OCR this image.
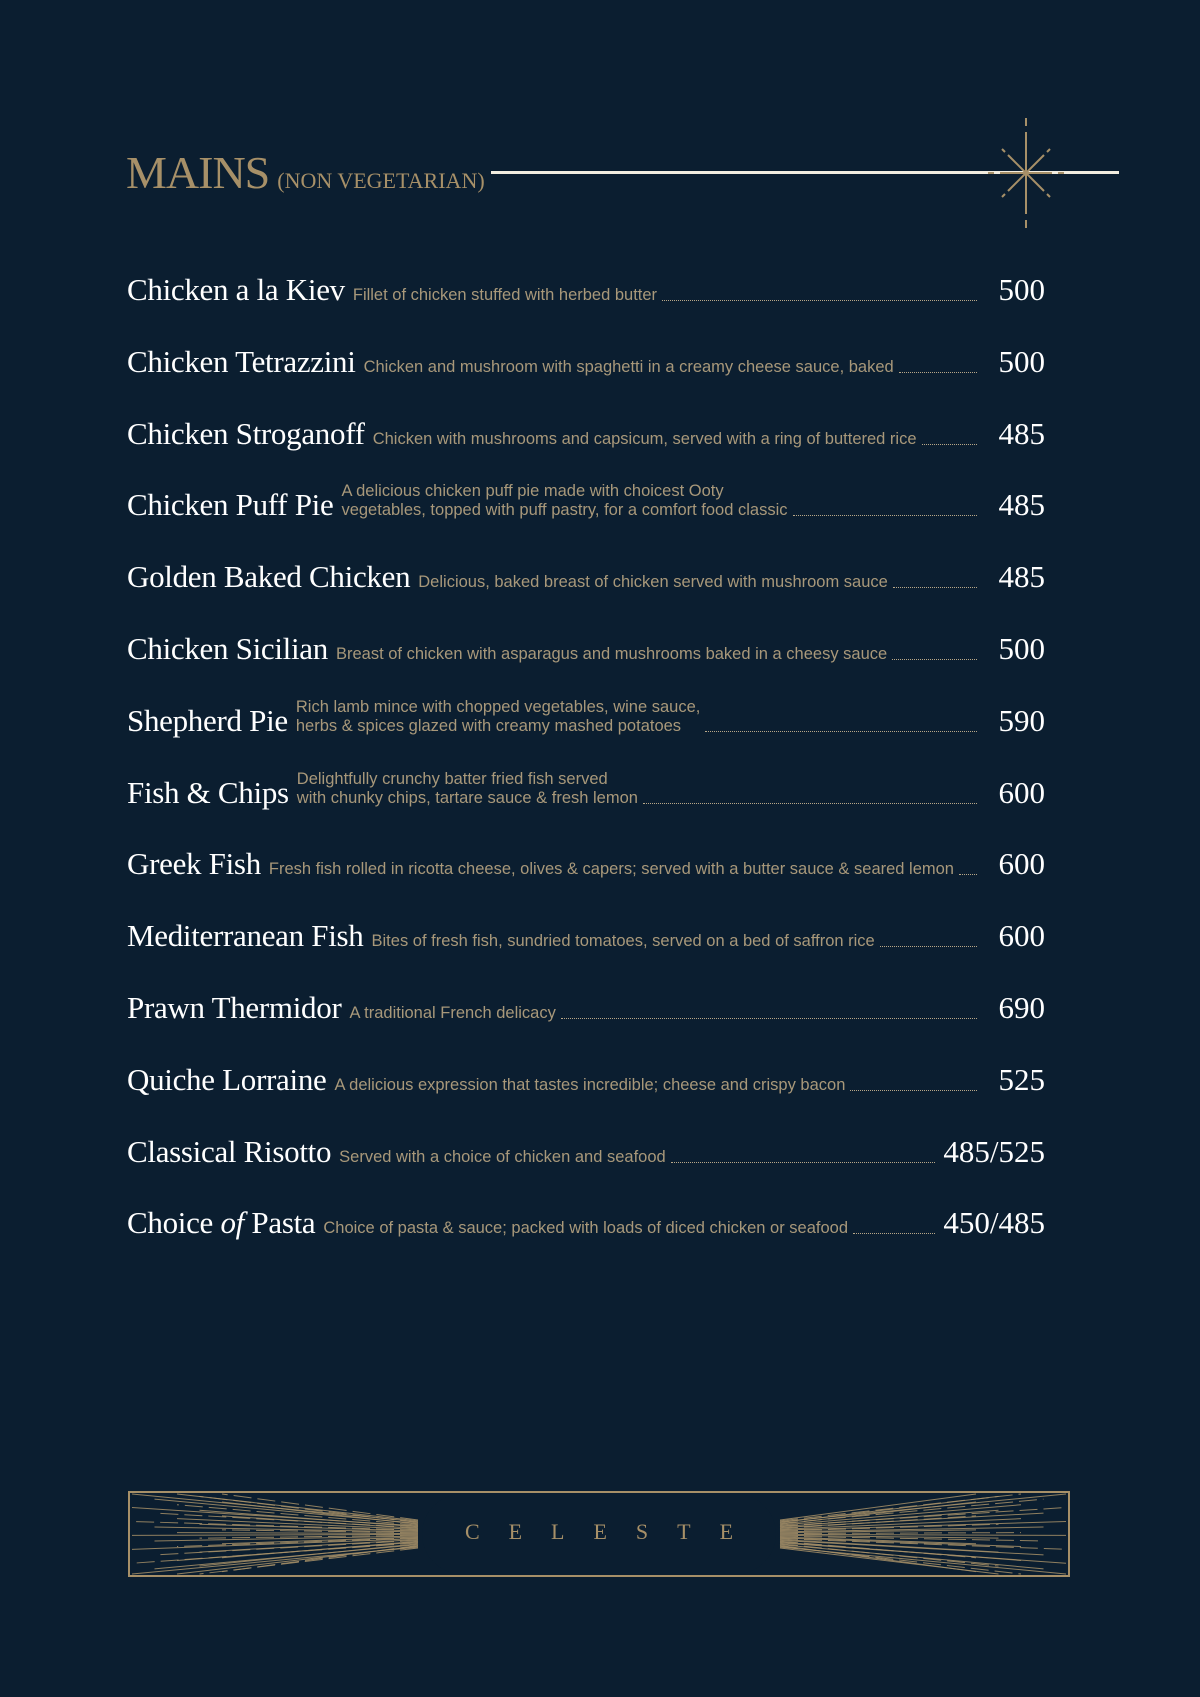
MAINS (NON VEGETARIAN)
Chicken a la Kiev Fillet of chicken stuffed with herbed butter	500
Chicken Tetrazzini Chicken and mushroom with spaghetti in a creamy cheese sauce, baked	500
Chicken Stroganoff Chicken with mushrooms and capsicum, served with a ring of buttered rice	485
Chicken Puff Pie A delicious chicken puff pie made with choicest Ooty
vegetables, topped with puff pastry, for a comfort food classic	485
Golden Baked Chicken Delicious, baked breast of chicken served with mushroom sauce	485
Chicken Sicilian Breast of chicken with asparagus and mushrooms baked in a cheesy sauce	500
Shepherd Pie Rich lamb mince with chopped vegetables, wine sauce,
herbs & spices glazed with creamy mashed potatoes	590
Fish & Chips Delightfully crunchy batter fried fish served
with chunky chips, tartare sauce & fresh lemon	600
Greek Fish Fresh fish rolled in ricotta cheese, olives & capers; served with a butter sauce & seared lemon	600
Mediterranean Fish Bites of fresh fish, sundried tomatoes, served on a bed of saffron rice	600
Prawn Thermidor A traditional French delicacy	690
Quiche Lorraine A delicious expression that tastes incredible; cheese and crispy bacon	525
Classical Risotto Served with a choice of chicken and seafood	485/525
Choice of Pasta Choice of pasta & sauce; packed with loads of diced chicken or seafood	450/485
CELESTE
